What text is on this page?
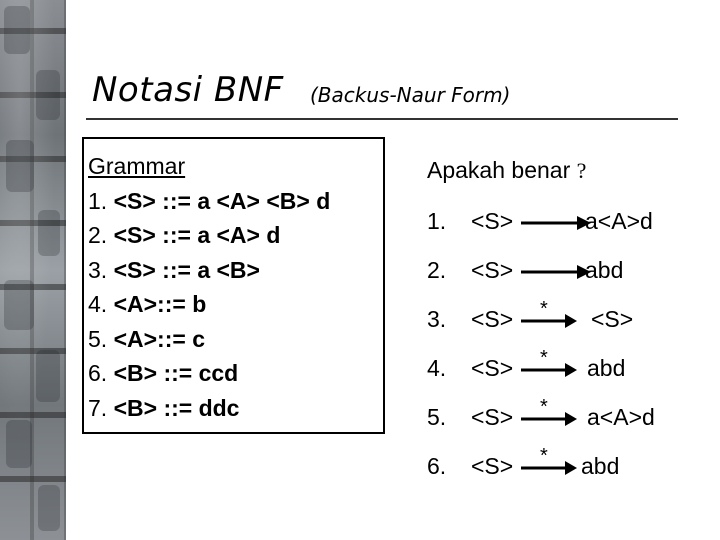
Notasi BNF (Backus-Naur Form)
Grammar
1. <S> ::= a <A> <B> d
2. <S> ::= a <A> d
3. <S> ::= a <B>
4. <A>::= b
5. <A>::= c
6. <B> ::= ccd
7. <B> ::= ddc
Apakah benar ?
1. <S>	a<A>d
2. <S>	abd
3. <S> * <S>
4. <S> * abd
5. <S> * a<A>d
6. <S> * abd
